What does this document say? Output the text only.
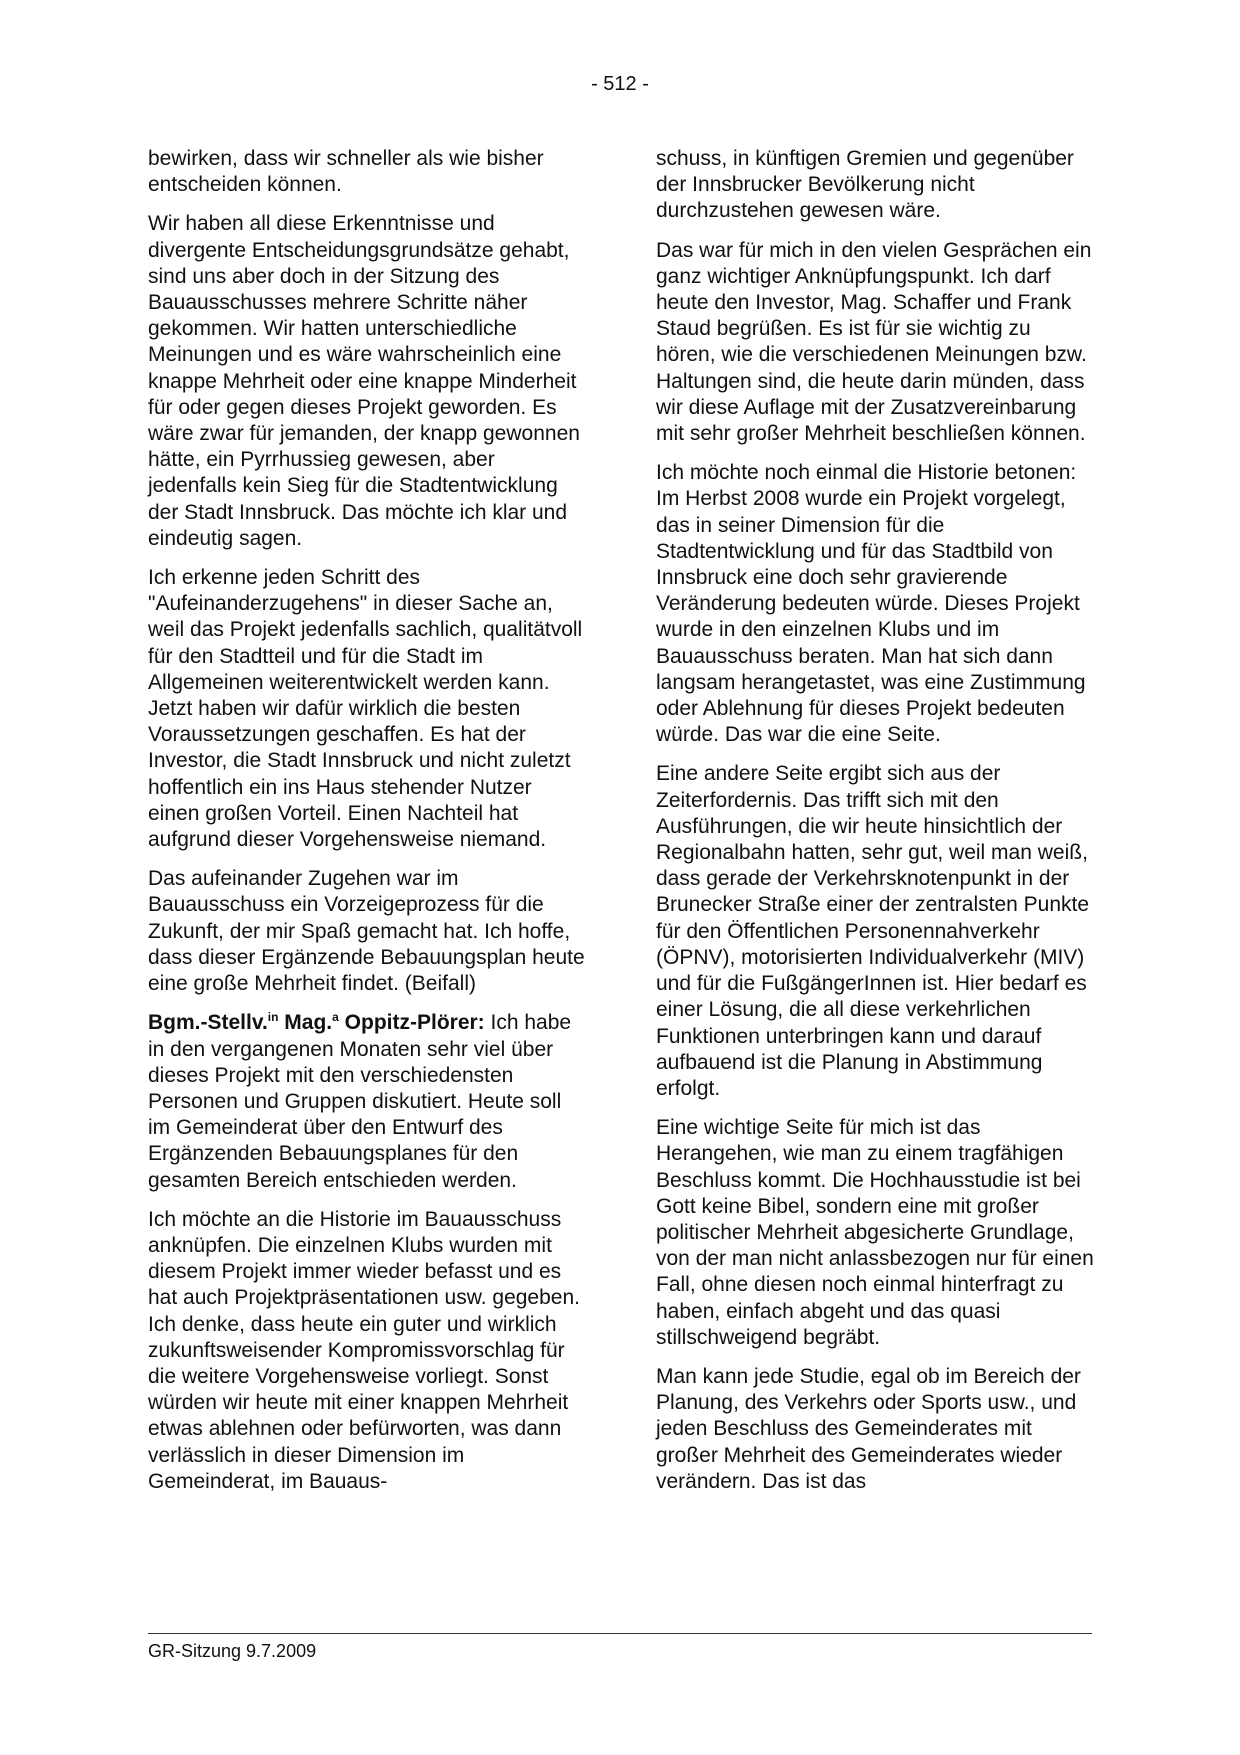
- 512 -

bewirken, dass wir schneller als wie bisher entscheiden können.

Wir haben all diese Erkenntnisse und divergente Entscheidungsgrundsätze gehabt, sind uns aber doch in der Sitzung des Bauausschusses mehrere Schritte näher gekommen. Wir hatten unterschiedliche Meinungen und es wäre wahrscheinlich eine knappe Mehrheit oder eine knappe Minderheit für oder gegen dieses Projekt geworden. Es wäre zwar für jemanden, der knapp gewonnen hätte, ein Pyrrhussieg gewesen, aber jedenfalls kein Sieg für die Stadtentwicklung der Stadt Innsbruck. Das möchte ich klar und eindeutig sagen.

Ich erkenne jeden Schritt des "Aufeinanderzugehens" in dieser Sache an, weil das Projekt jedenfalls sachlich, qualitätvoll für den Stadtteil und für die Stadt im Allgemeinen weiterentwickelt werden kann. Jetzt haben wir dafür wirklich die besten Voraussetzungen geschaffen. Es hat der Investor, die Stadt Innsbruck und nicht zuletzt hoffentlich ein ins Haus stehender Nutzer einen großen Vorteil. Einen Nachteil hat aufgrund dieser Vorgehensweise niemand.

Das aufeinander Zugehen war im Bauausschuss ein Vorzeigeprozess für die Zukunft, der mir Spaß gemacht hat. Ich hoffe, dass dieser Ergänzende Bebauungsplan heute eine große Mehrheit findet. (Beifall)

Bgm.-Stellv.$^{in}$ Mag.$^a$ Oppitz-Plörer: Ich habe in den vergangenen Monaten sehr viel über dieses Projekt mit den verschiedensten Personen und Gruppen diskutiert. Heute soll im Gemeinderat über den Entwurf des Ergänzenden Bebauungsplanes für den gesamten Bereich entschieden werden.

Ich möchte an die Historie im Bauausschuss anknüpfen. Die einzelnen Klubs wurden mit diesem Projekt immer wieder befasst und es hat auch Projektpräsentationen usw. gegeben. Ich denke, dass heute ein guter und wirklich zukunftsweisender Kompromissvorschlag für die weitere Vorgehensweise vorliegt. Sonst würden wir heute mit einer knappen Mehrheit etwas ablehnen oder befürworten, was dann verlässlich in dieser Dimension im Gemeinderat, im Bauaus-

schuss, in künftigen Gremien und gegenüber der Innsbrucker Bevölkerung nicht durchzustehen gewesen wäre.

Das war für mich in den vielen Gesprächen ein ganz wichtiger Anknüpfungspunkt. Ich darf heute den Investor, Mag. Schaffer und Frank Staud begrüßen. Es ist für sie wichtig zu hören, wie die verschiedenen Meinungen bzw. Haltungen sind, die heute darin münden, dass wir diese Auflage mit der Zusatzvereinbarung mit sehr großer Mehrheit beschließen können.

Ich möchte noch einmal die Historie betonen: Im Herbst 2008 wurde ein Projekt vorgelegt, das in seiner Dimension für die Stadtentwicklung und für das Stadtbild von Innsbruck eine doch sehr gravierende Veränderung bedeuten würde. Dieses Projekt wurde in den einzelnen Klubs und im Bauausschuss beraten. Man hat sich dann langsam herangetastet, was eine Zustimmung oder Ablehnung für dieses Projekt bedeuten würde. Das war die eine Seite.

Eine andere Seite ergibt sich aus der Zeiterfordernis. Das trifft sich mit den Ausführungen, die wir heute hinsichtlich der Regionalbahn hatten, sehr gut, weil man weiß, dass gerade der Verkehrsknotenpunkt in der Brunecker Straße einer der zentralsten Punkte für den Öffentlichen Personennahverkehr (ÖPNV), motorisierten Individualverkehr (MIV) und für die FußgängerInnen ist. Hier bedarf es einer Lösung, die all diese verkehrlichen Funktionen unterbringen kann und darauf aufbauend ist die Planung in Abstimmung erfolgt.

Eine wichtige Seite für mich ist das Herangehen, wie man zu einem tragfähigen Beschluss kommt. Die Hochhausstudie ist bei Gott keine Bibel, sondern eine mit großer politischer Mehrheit abgesicherte Grundlage, von der man nicht anlassbezogen nur für einen Fall, ohne diesen noch einmal hinterfragt zu haben, einfach abgeht und das quasi stillschweigend begräbt.

Man kann jede Studie, egal ob im Bereich der Planung, des Verkehrs oder Sports usw., und jeden Beschluss des Gemeinderates mit großer Mehrheit des Gemeinderates wieder verändern. Das ist das

GR-Sitzung 9.7.2009
